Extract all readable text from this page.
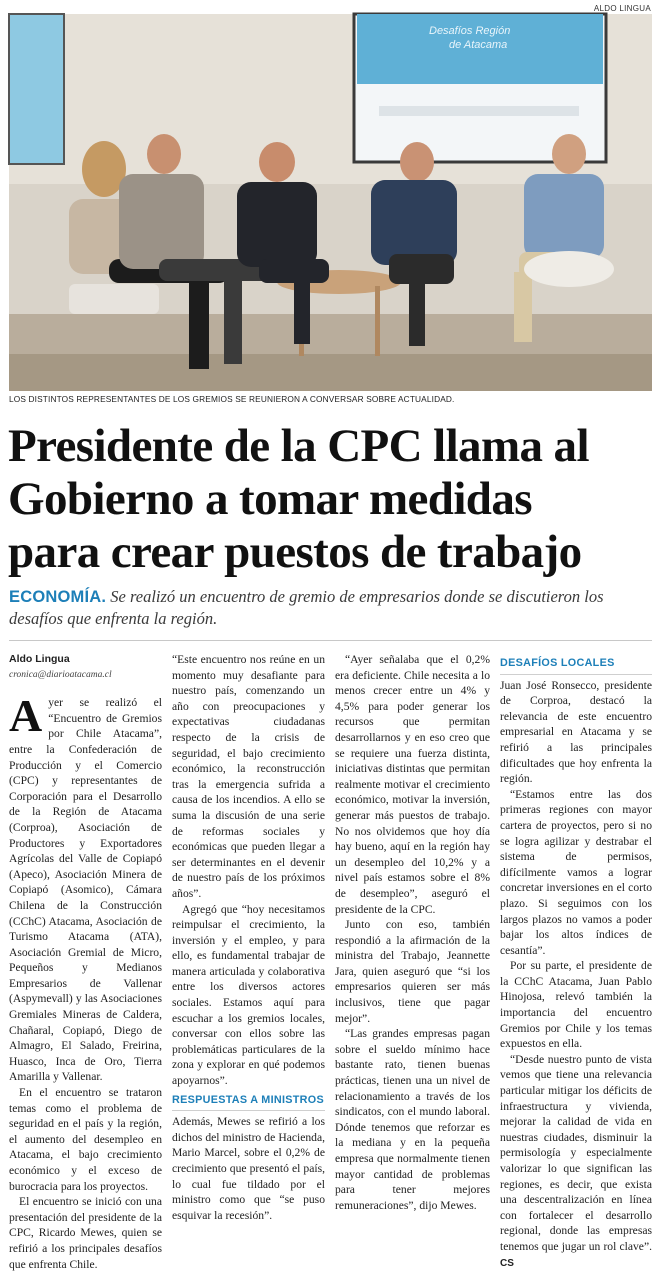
ALDO LINGUA
Desafíos Región
de Atacama
LOS DISTINTOS REPRESENTANTES DE LOS GREMIOS SE REUNIERON A CONVERSAR SOBRE ACTUALIDAD.
Presidente de la CPC llama al
Gobierno a tomar medidas
para crear puestos de trabajo
ECONOMÍA. Se realizó un encuentro de gremio de empresarios donde se discutieron los desafíos que enfrenta la región.
Aldo Lingua
cronica@diarioatacama.cl

Ayer se realizó el “Encuentro de Gremios por Chile Atacama”, entre la Confederación de Producción y el Comercio (CPC) y representantes de Corporación para el Desarrollo de la Región de Atacama (Corproa), Asociación de Productores y Exportadores Agrícolas del Valle de Copiapó (Apeco), Asociación Minera de Copiapó (Asomico), Cámara Chilena de la Construcción (CChC) Atacama, Asociación de Turismo Atacama (ATA), Asociación Gremial de Micro, Pequeños y Medianos Empresarios de Vallenar (Aspymevall) y las Asociaciones Gremiales Mineras de Caldera, Chañaral, Copiapó, Diego de Almagro, El Salado, Freirina, Huasco, Inca de Oro, Tierra Amarilla y Vallenar.

En el encuentro se trataron temas como el problema de seguridad en el país y la región, el aumento del desempleo en Atacama, el bajo crecimiento económico y el exceso de burocracia para los proyectos.

El encuentro se inició con una presentación del presidente de la CPC, Ricardo Mewes, quien se refirió a los principales desafíos que enfrenta Chile.

“Este encuentro nos reúne en un momento muy desafiante para nuestro país, comenzando un año con preocupaciones y expectativas ciudadanas respecto de la crisis de seguridad, el bajo crecimiento económico, la reconstrucción tras la emergencia sufrida a causa de los incendios. A ello se suma la discusión de una serie de reformas sociales y económicas que pueden llegar a ser determinantes en el devenir de nuestro país de los próximos años”.

Agregó que “hoy necesitamos reimpulsar el crecimiento, la inversión y el empleo, y para ello, es fundamental trabajar de manera articulada y colaborativa entre los diversos actores sociales. Estamos aquí para escuchar a los gremios locales, conversar con ellos sobre las problemáticas particulares de la zona y explorar en qué podemos apoyarnos”.

RESPUESTAS A MINISTROS

Además, Mewes se refirió a los dichos del ministro de Hacienda, Mario Marcel, sobre el 0,2% de crecimiento que presentó el país, lo cual fue tildado por el ministro como que “se puso esquivar la recesión”.

“Ayer señalaba que el 0,2% era deficiente. Chile necesita a lo menos crecer entre un 4% y 4,5% para poder generar los recursos que permitan desarrollarnos y en eso creo que se requiere una fuerza distinta, iniciativas distintas que permitan realmente motivar el crecimiento económico, motivar la inversión, generar más puestos de trabajo. No nos olvidemos que hoy día hay bueno, aquí en la región hay un desempleo del 10,2% y a nivel país estamos sobre el 8% de desempleo”, aseguró el presidente de la CPC.

Junto con eso, también respondió a la afirmación de la ministra del Trabajo, Jeannette Jara, quien aseguró que “si los empresarios quieren ser más inclusivos, tiene que pagar mejor”.

“Las grandes empresas pagan sobre el sueldo mínimo hace bastante rato, tienen buenas prácticas, tienen una un nivel de relacionamiento a través de los sindicatos, con el mundo laboral. Dónde tenemos que reforzar es la mediana y en la pequeña empresa que normalmente tienen mayor cantidad de problemas para tener mejores remuneraciones”, dijo Mewes.

DESAFÍOS LOCALES

Juan José Ronsecco, presidente de Corproa, destacó la relevancia de este encuentro empresarial en Atacama y se refirió a las principales dificultades que hoy enfrenta la región.

“Estamos entre las dos primeras regiones con mayor cartera de proyectos, pero si no se logra agilizar y destrabar el sistema de permisos, difícilmente vamos a lograr concretar inversiones en el corto plazo. Si seguimos con los largos plazos no vamos a poder bajar los altos índices de cesantía”.

Por su parte, el presidente de la CChC Atacama, Juan Pablo Hinojosa, relevó también la importancia del encuentro Gremios por Chile y los temas expuestos en ella.

“Desde nuestro punto de vista vemos que tiene una relevancia particular mitigar los déficits de infraestructura y vivienda, mejorar la calidad de vida en nuestras ciudades, disminuir la permisología y especialmente valorizar lo que significan las regiones, es decir, que exista una descentralización en línea con fortalecer el desarrollo regional, donde las empresas tenemos que jugar un rol clave”. CS
